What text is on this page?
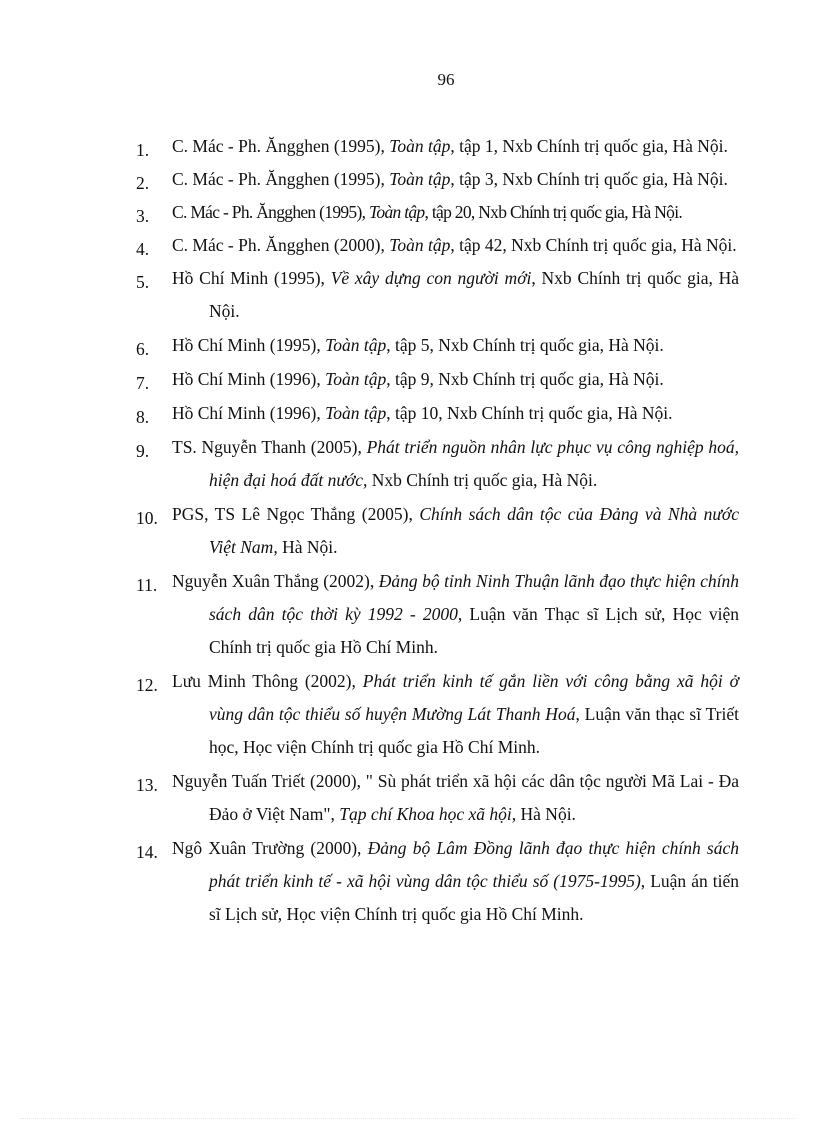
96
1.	C. Mác - Ph. Ăngghen (1995), Toàn tập, tập 1, Nxb Chính trị quốc gia, Hà Nội.
2.	C. Mác - Ph. Ăngghen (1995), Toàn tập, tập 3, Nxb Chính trị quốc gia, Hà Nội.
3.	C. Mác - Ph. Ăngghen (1995), Toàn tập, tập 20, Nxb Chính trị quốc gia, Hà Nội.
4.	C. Mác - Ph. Ăngghen (2000), Toàn tập, tập 42, Nxb Chính trị quốc gia, Hà Nội.
5.	Hồ Chí Minh (1995), Về xây dựng con người mới, Nxb Chính trị quốc gia, Hà Nội.
6.	Hồ Chí Minh (1995), Toàn tập, tập 5, Nxb Chính trị quốc gia, Hà Nội.
7.	Hồ Chí Minh (1996), Toàn tập, tập 9, Nxb Chính trị quốc gia, Hà Nội.
8.	Hồ Chí Minh (1996), Toàn tập, tập 10, Nxb Chính trị quốc gia, Hà Nội.
9.	TS. Nguyễn Thanh (2005), Phát triển nguồn nhân lực phục vụ công nghiệp hoá, hiện đại hoá đất nước, Nxb Chính trị quốc gia, Hà Nội.
10. PGS, TS Lê Ngọc Thắng (2005), Chính sách dân tộc của Đảng và Nhà nước Việt Nam, Hà Nội.
11. Nguyễn Xuân Thắng (2002), Đảng bộ tỉnh Ninh Thuận lãnh đạo thực hiện chính sách dân tộc thời kỳ 1992 - 2000, Luận văn Thạc sĩ Lịch sử, Học viện Chính trị quốc gia Hồ Chí Minh.
12. Lưu Minh Thông (2002), Phát triển kinh tế gắn liền với công bằng xã hội ở vùng dân tộc thiểu số huyện Mường Lát Thanh Hoá, Luận văn thạc sĩ Triết học, Học viện Chính trị quốc gia Hồ Chí Minh.
13. Nguyễn Tuấn Triết (2000), " Sù phát triển xã hội các dân tộc người Mã Lai - Đa Đảo ở Việt Nam", Tạp chí Khoa học xã hội, Hà Nội.
14. Ngô Xuân Trường (2000), Đảng bộ Lâm Đồng lãnh đạo thực hiện chính sách phát triển kinh tế - xã hội vùng dân tộc thiểu số (1975-1995), Luận án tiến sĩ Lịch sử, Học viện Chính trị quốc gia Hồ Chí Minh.
